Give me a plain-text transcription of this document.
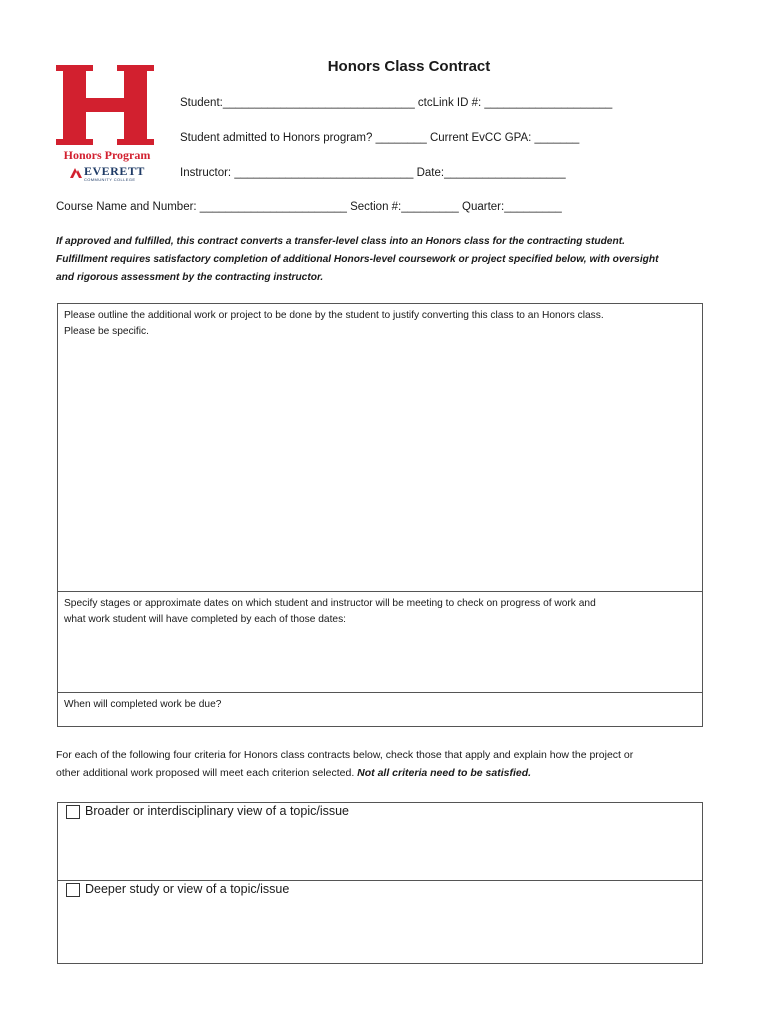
Honors Program
EVERETT
COMMUNITY COLLEGE
Honors Class Contract
Student:______________________________ ctcLink ID #: ____________________
Student admitted to Honors program? ________ Current EvCC GPA: _______
Instructor: ____________________________ Date:___________________
Course Name and Number: _______________________ Section #:_________ Quarter:_________
If approved and fulfilled, this contract converts a transfer-level class into an Honors class for the contracting student.
Fulfillment requires satisfactory completion of additional Honors-level coursework or project specified below, with oversight
and rigorous assessment by the contracting instructor.
Please outline the additional work or project to be done by the student to justify converting this class to an Honors class.
Please be specific.
Specify stages or approximate dates on which student and instructor will be meeting to check on progress of work and
what work student will have completed by each of those dates:
When will completed work be due?
For each of the following four criteria for Honors class contracts below, check those that apply and explain how the project or
other additional work proposed will meet each criterion selected. Not all criteria need to be satisfied.
Broader or interdisciplinary view of a topic/issue
Deeper study or view of a topic/issue
